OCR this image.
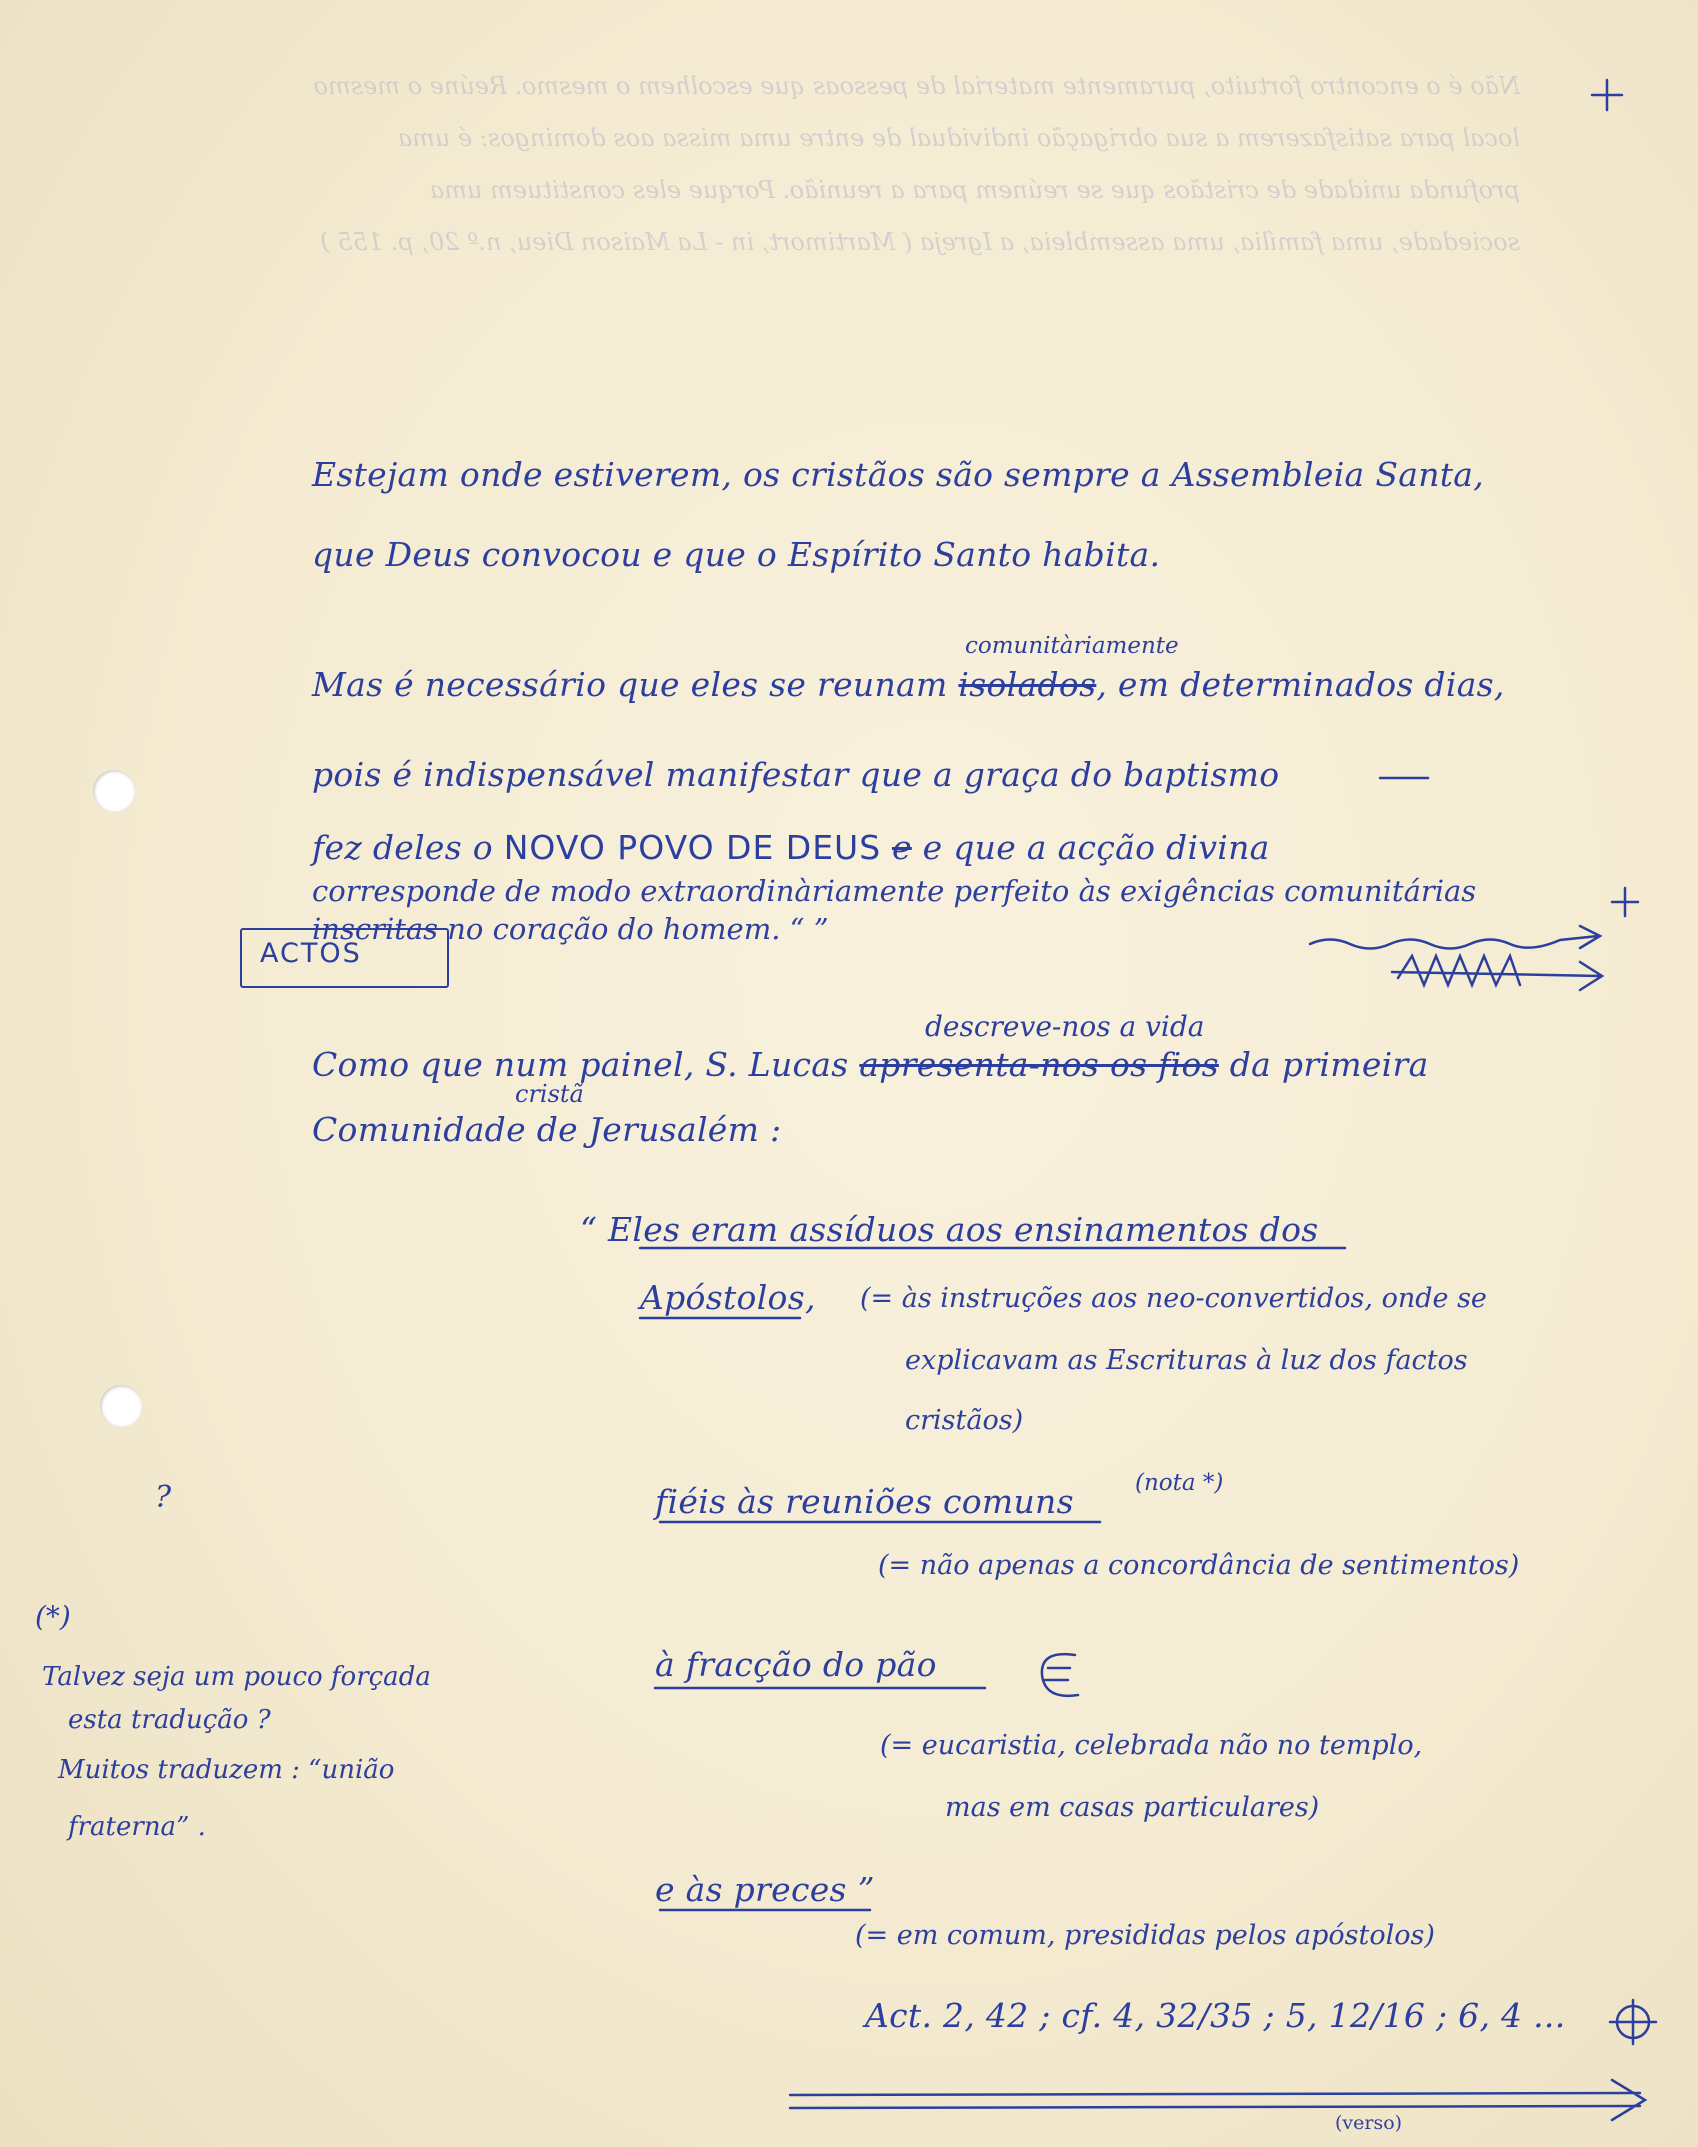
Não é o encontro fortuito, puramente material de pessoas que escolhem o mesmo. Reúne o mesmo local para satisfazerem a sua obrigação individual de entre uma missa aos domingos: é uma profunda unidade de cristãos que se reúnem para a reunião. Porque eles constituem uma sociedade, uma família, uma assembleia, a Igreja ( Martimort, in - La Maison Dieu, n.º 20, p. 155 )
Estejam onde estiverem, os cristãos são sempre a Assembleia Santa,
que Deus convocou e que o Espírito Santo habita.
comunitàriamente
Mas é necessário que eles se reunam isolados, em determinados dias,
pois é indispensável manifestar que a graça do baptismo
fez deles o NOVO POVO DE DEUS e e que a acção divina
corresponde de modo extraordinàriamente perfeito às exigências comunitárias
inscritas no coração do homem. “ ”
ACTOS
descreve-nos a vida
Como que num painel, S. Lucas apresenta-nos os fios da primeira
cristã
Comunidade de Jerusalém :
“ Eles eram assíduos aos ensinamentos dos
Apóstolos, (= às instruções aos neo-convertidos, onde se
explicavam as Escrituras à luz dos factos
cristãos)
fiéis às reuniões comuns	(nota *)
(= não apenas a concordância de sentimentos)
à fracção do pão
(= eucaristia, celebrada não no templo,
mas em casas particulares)
e às preces ”
(= em comum, presididas pelos apóstolos)
Act. 2, 42 ; cf. 4, 32/35 ; 5, 12/16 ; 6, 4 ...
?
(*)
Talvez seja um pouco forçada
esta tradução ?
Muitos traduzem : “união
fraterna” .
(verso)
